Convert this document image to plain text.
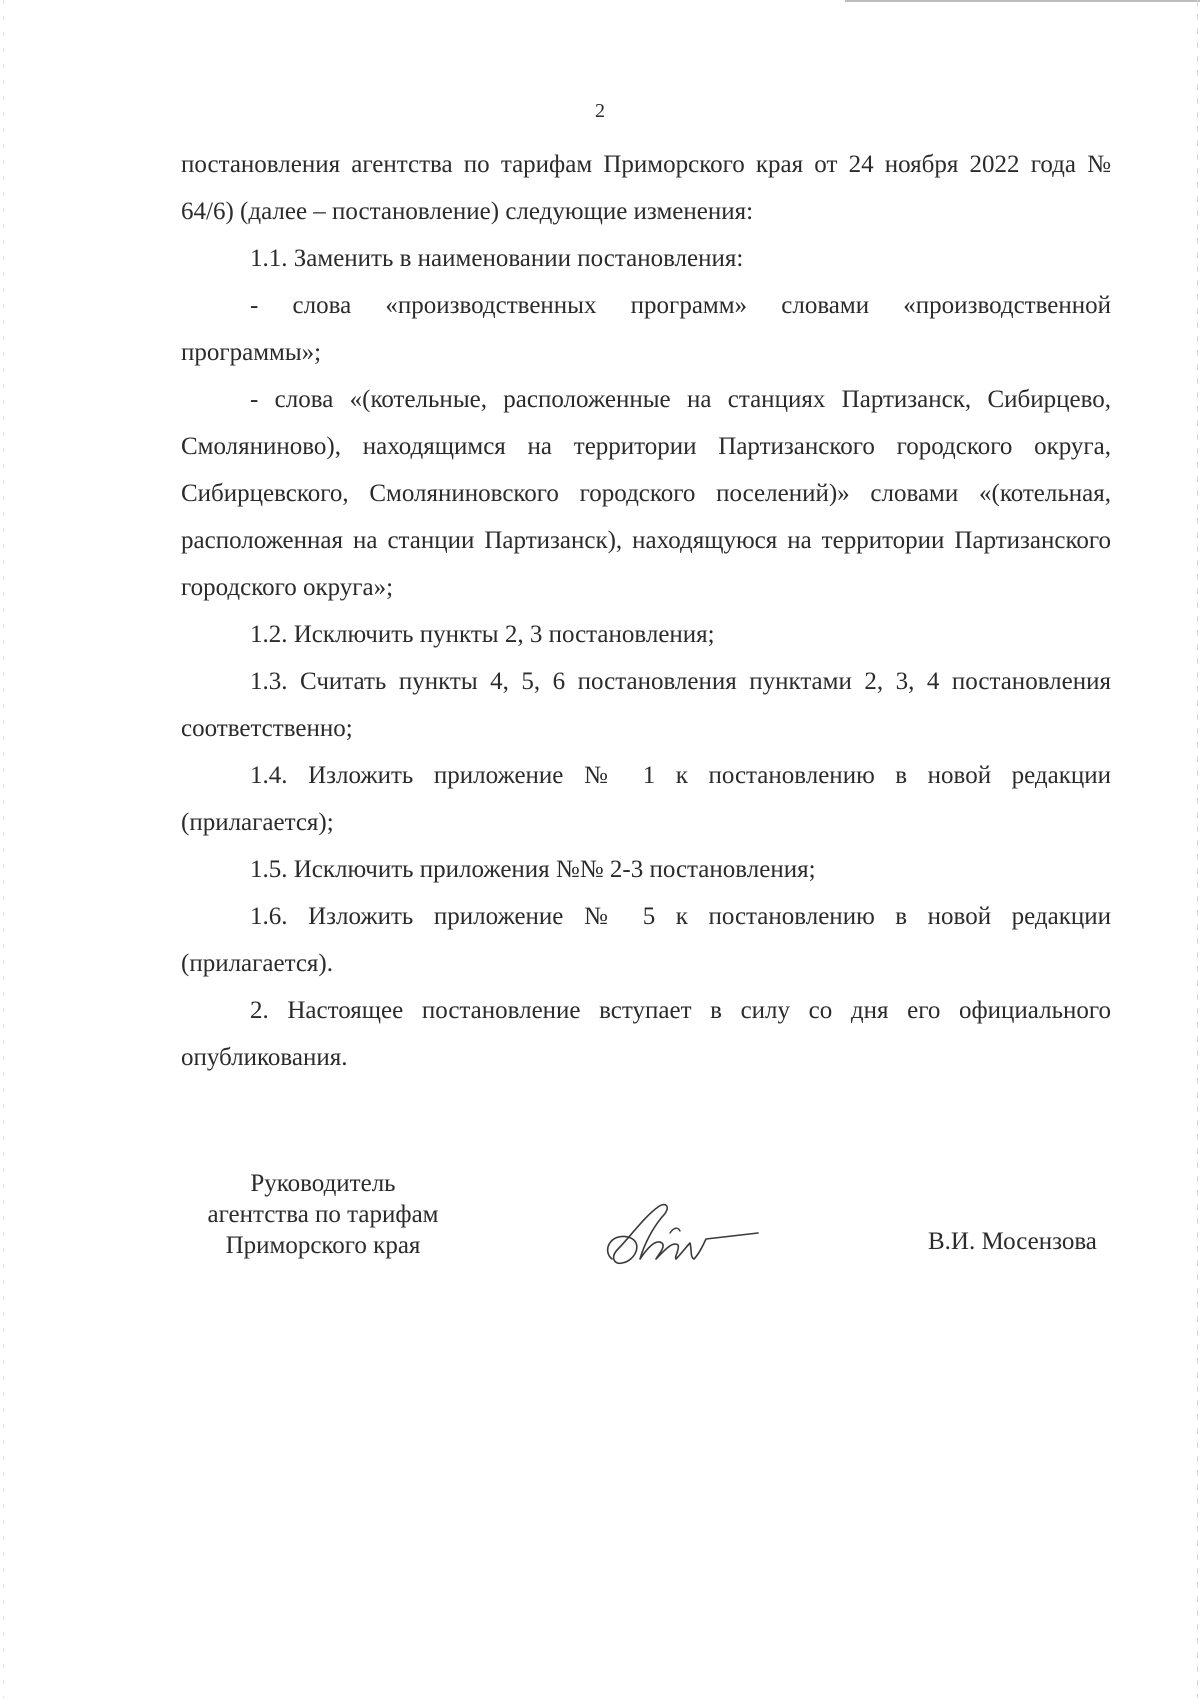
2

постановления агентства по тарифам Приморского края от 24 ноября 2022 года № 64/6) (далее – постановление) следующие изменения:

1.1. Заменить в наименовании постановления:

- слова «производственных программ» словами «производственной программы»;

- слова «(котельные, расположенные на станциях Партизанск, Сибирцево, Смоляниново), находящимся на территории Партизанского городского округа, Сибирцевского, Смоляниновского городского поселений)» словами «(котельная, расположенная на станции Партизанск), находящуюся на территории Партизанского городского округа»;

1.2. Исключить пункты 2, 3 постановления;

1.3. Считать пункты 4, 5, 6 постановления пунктами 2, 3, 4 постановления соответственно;

1.4. Изложить приложение № 1 к постановлению в новой редакции (прилагается);

1.5. Исключить приложения №№ 2-3 постановления;

1.6. Изложить приложение № 5 к постановлению в новой редакции (прилагается).

2. Настоящее постановление вступает в силу со дня его официального опубликования.

Руководитель
агентства по тарифам
Приморского края	В.И. Мосензова
